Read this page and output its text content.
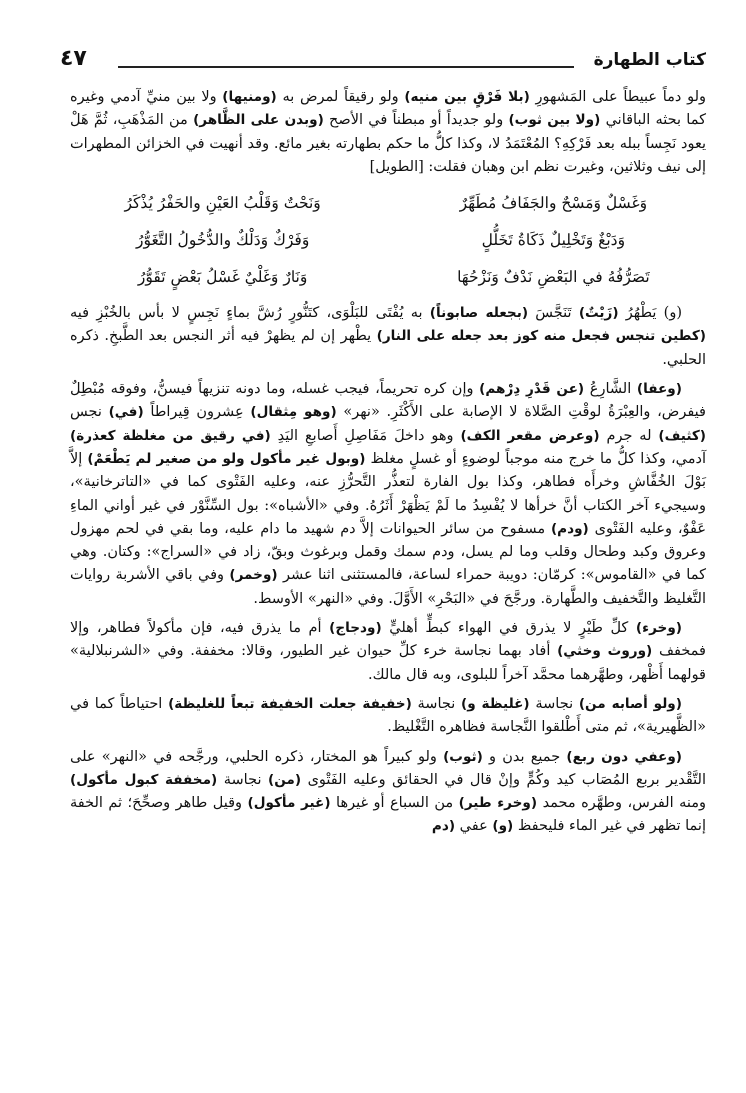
كتاب الطهارة
٤٧

ولو دماً عبيطاً على المَشهورِ (بلا فَرْقٍ بين منيه) ولو رقيقاً لمرض به (ومنيها) ولا بين منيِّ آدمي وغيره كما بحثه الباقاني (ولا بين ثوب) ولو جديداً أو مبطناً في الأصح (وبدن على الظَّاهر) من المَذْهَبِ، ثُمَّ هَلْ يعود نَجِساً ببله بعد فَرْكِهِ؟ المُعْتَمَدُ لا، وكذا كلُّ ما حكم بطهارته بغير مائع. وقد أنهيت في الخزائن المطهرات إلى نيف وثلاثين، وغيرت نظم ابن وهبان فقلت: [الطويل]

وَغَسْلٌ وَمَسْحٌ والجَفَافُ مُطَهِّرٌ
وَنَحْتٌ وَقَلْبُ العَيْنِ والحَفْرُ يُذْكَرُ
وَدَبْغٌ وَتَخْلِيلٌ ذَكَاةُ تَخَلُّلٍ
وَفَرْكٌ وَدَلْكٌ والدُّخُولُ التَّغَوُّرُ
تَصَرُّفُهُ في البَعْضِ نَدْفٌ وَنَزْحُهَا
وَنَارٌ وَغَلْيٌ غَسْلُ بَعْضٍ تَقَوُّرُ

(و) يَطْهُرُ (زَيْتٌ) تَنَجَّسَ (بجعله صابوناً) به يُفْتَى للبَلْوَى، كتَنُّورٍ رُشَّ بماءٍ نَجِسٍ لا بأس بالخُبْزِ فيه (كطين تنجس فجعل منه كوز بعد جعله على النار) يطْهر إن لم يظهرْ فيه أثر النجس بعد الطَّبخِ. ذكره الحلبي.

(وعفا) الشَّارِعُ (عن قَدْرِ دِرْهم) وإن كره تحريماً، فيجب غسله، وما دونه تنزيهاً فيسنُّ، وفوقه مُبْطِلٌ فيفرض، والعِبْرَةُ لوقْتِ الصَّلاة لا الإصابة على الأَكْثَرِ. «نهر» (وهو مِثقال) عِشرون قِيراطاً (في) نجس (كثيف) له جرم (وعرض مقعر الكف) وهو داخلَ مَفَاصِلِ أَصابعِ اليَدِ (في رقيق من مغلظة كعذرة) آدمي، وكذا كلُّ ما خرج منه موجباً لوضوءٍ أو غسلٍ مغلظ (وبول غير مأكول ولو من صغير لم يَطْعَمْ) إلاَّ بَوْلَ الخُفَّاشِ وخرأَه فطاهر، وكذا بول الفارة لتعذُّر التَّحرُّزِ عنه، وعليه الفَتْوى كما في «التاترخانية»، وسيجيء آخر الكتاب أنَّ خرأها لا يُفْسِدُ ما لَمْ يَظْهَرْ أَثَرُهُ. وفي «الأشباه»: بول السِّنَّوْر في غير أواني الماءِ عَفْوٌ، وعليه الفَتْوى (ودم) مسفوح من سائر الحيوانات إلاَّ دم شهيد ما دام عليه، وما بقي في لحم مهزول وعروق وكبد وطحال وقلب وما لم يسل، ودم سمك وقمل وبرغوث وبقّ، زاد في «السراج»: وكتان. وهي كما في «القاموس»: كرمّان: دويبة حمراء لساعة، فالمستثنى اثنا عشر (وخمر) وفي باقي الأشربة روايات التَّغليظ والتَّخفيف والطَّهارة. ورجَّحَ في «البَحْرِ» الأَوَّلَ. وفي «النهر» الأوسط.

(وخرء) كلِّ طَيْرٍ لا يذرق في الهواء كبطٍّ أهليٍّ (ودجاج) أم ما يذرق فيه، فإن مأكولاً فطاهر، وإلا فمخفف (وروث وخثي) أفاد بهما نجاسة خرء كلِّ حيوان غير الطيور، وقالا: مخففة. وفي «الشرنبلالية» قولهما أَظْهر، وطهَّرهما محمَّد آخراً للبلوى، وبه قال مالك.

(ولو أصابه من) نجاسة (غليظة و) نجاسة (خفيفة جعلت الخفيفة تبعاً للغليظة) احتياطاً كما في «الظَّهيرية»، ثم متى أَطْلقوا النَّجاسة فظاهره التَّغْليظ.

(وعفي دون ربع) جميع بدن و (ثوب) ولو كبيراً هو المختار، ذكره الحلبي، ورجَّحه في «النهر» على التَّقْدير بربع المُصَاب كيد وكُمٍّ وإنْ قال في الحقائق وعليه الفَتْوى (من) نجاسة (مخففة كبول مأكول) ومنه الفرس، وطهَّره محمد (وخرء طير) من السباع أو غيرها (غير مأكول) وقيل طاهر وصحِّحَ؛ ثم الخفة إنما تظهر في غير الماء فليحفظ (و) عفي (دم
